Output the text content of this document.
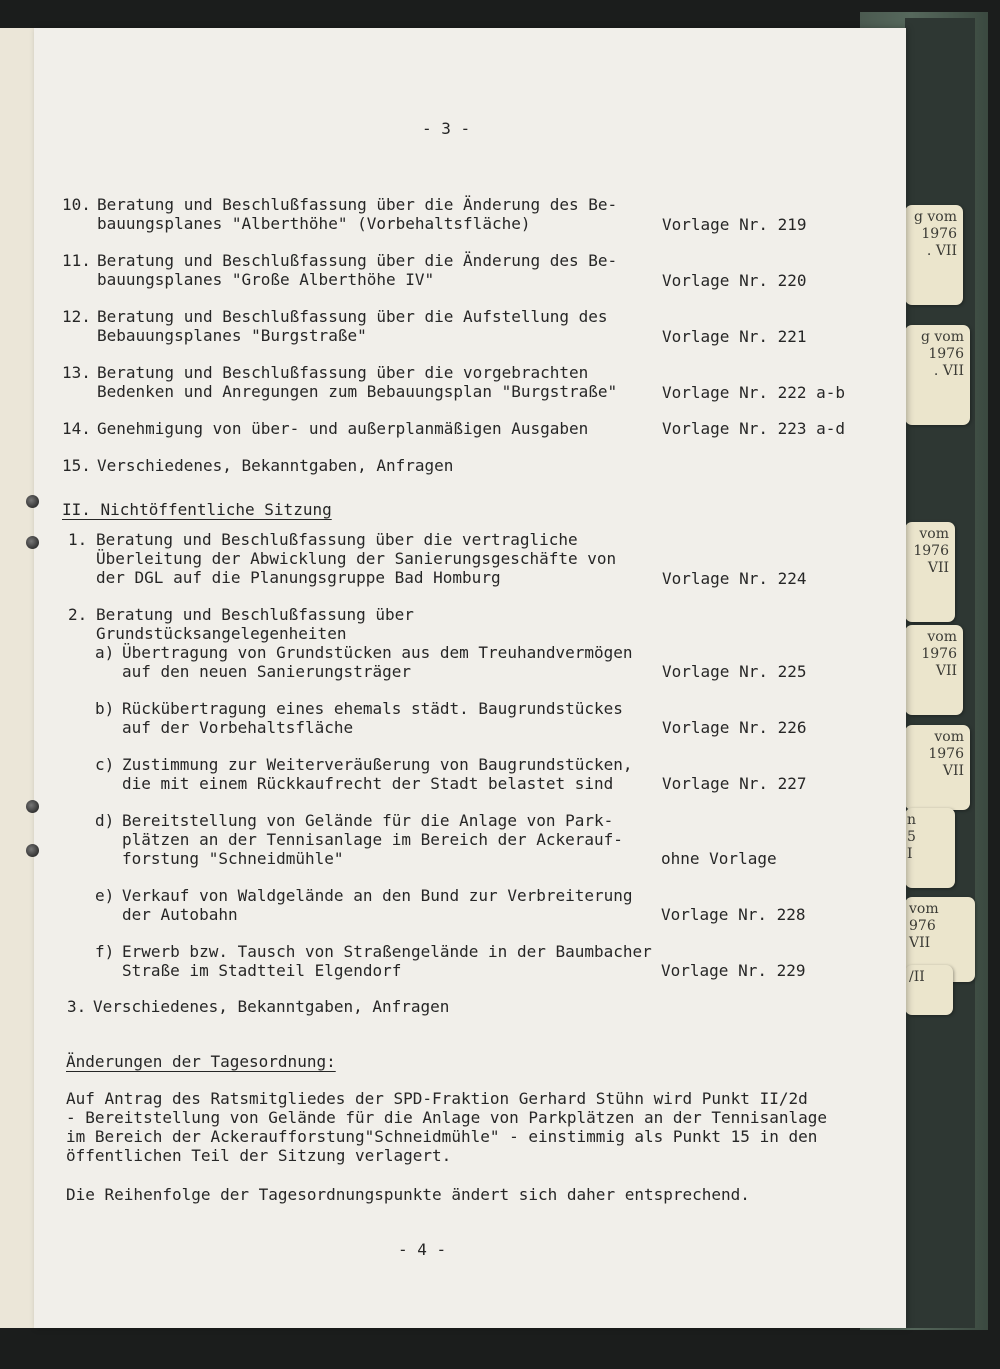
g vom
1976
. VII
g vom
1976
. VII
vom
1976
VII
vom
1976
VII
vom
1976
VII
n
5
I
vom
976
VII
/II
- 3 -
10. Beratung und Beschlußfassung über die Änderung des Be-
bauungsplanes "Alberthöhe" (Vorbehaltsfläche)	Vorlage Nr. 219
11. Beratung und Beschlußfassung über die Änderung des Be-
bauungsplanes "Große Alberthöhe IV"	Vorlage Nr. 220
12. Beratung und Beschlußfassung über die Aufstellung des
Bebauungsplanes "Burgstraße"	Vorlage Nr. 221
13. Beratung und Beschlußfassung über die vorgebrachten
Bedenken und Anregungen zum Bebauungsplan "Burgstraße"	Vorlage Nr. 222 a-b
14. Genehmigung von über- und außerplanmäßigen Ausgaben	Vorlage Nr. 223 a-d
15. Verschiedenes, Bekanntgaben, Anfragen
II. Nichtöffentliche Sitzung
1. Beratung und Beschlußfassung über die vertragliche
Überleitung der Abwicklung der Sanierungsgeschäfte von
der DGL auf die Planungsgruppe Bad Homburg	Vorlage Nr. 224
2. Beratung und Beschlußfassung über Grundstücksangelegenheiten
a) Übertragung von Grundstücken aus dem Treuhandvermögen
auf den neuen Sanierungsträger	Vorlage Nr. 225
b) Rückübertragung eines ehemals städt. Baugrundstückes
auf der Vorbehaltsfläche	Vorlage Nr. 226
c) Zustimmung zur Weiterveräußerung von Baugrundstücken,
die mit einem Rückkaufrecht der Stadt belastet sind	Vorlage Nr. 227
d) Bereitstellung von Gelände für die Anlage von Park-
plätzen an der Tennisanlage im Bereich der Ackerauf-
forstung "Schneidmühle"	ohne Vorlage
e) Verkauf von Waldgelände an den Bund zur Verbreiterung
der Autobahn	Vorlage Nr. 228
f) Erwerb bzw. Tausch von Straßengelände in der Baumbacher
Straße im Stadtteil Elgendorf	Vorlage Nr. 229
3. Verschiedenes, Bekanntgaben, Anfragen
Änderungen der Tagesordnung:
Auf Antrag des Ratsmitgliedes der SPD-Fraktion Gerhard Stühn wird Punkt II/2d
- Bereitstellung von Gelände für die Anlage von Parkplätzen an der Tennisanlage
im Bereich der Ackeraufforstung"Schneidmühle" - einstimmig als Punkt 15 in den
öffentlichen Teil der Sitzung verlagert.
Die Reihenfolge der Tagesordnungspunkte ändert sich daher entsprechend.
- 4 -
